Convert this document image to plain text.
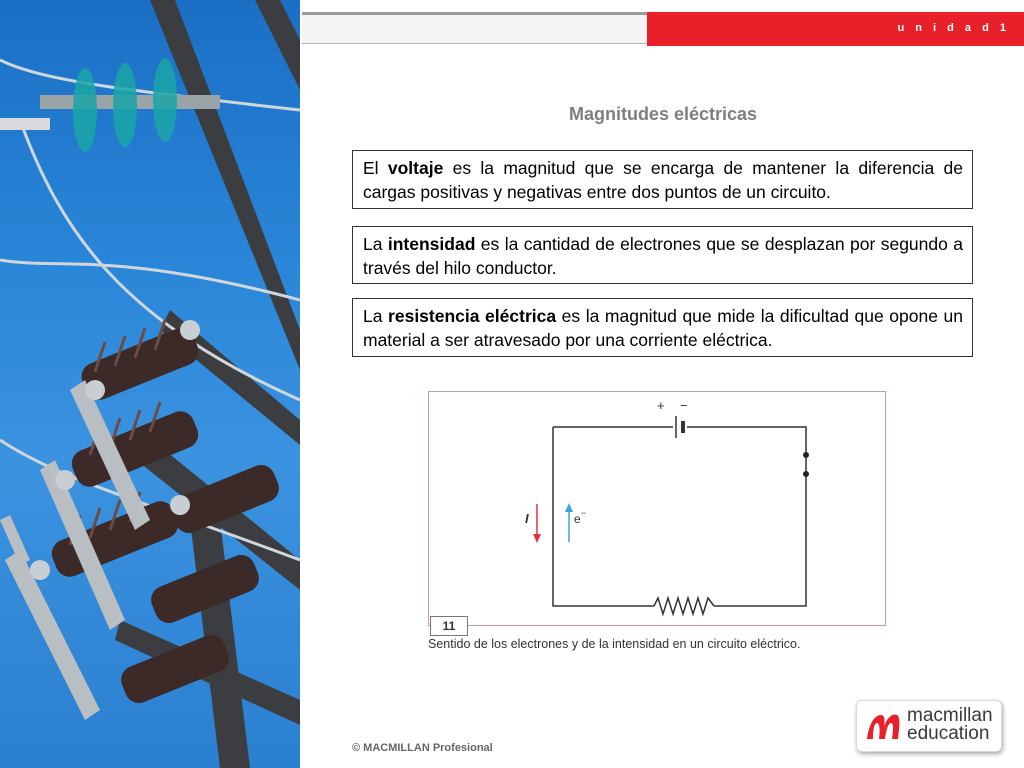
u n i d a d 1
Magnitudes eléctricas
El voltaje es la magnitud que se encarga de mantener la diferencia de cargas positivas y negativas entre dos puntos de un circuito.
La intensidad es la cantidad de electrones que se desplazan por segundo a través del hilo conductor.
La resistencia eléctrica es la magnitud que mide la dificultad que opone un material a ser atravesado por una corriente eléctrica.
+ −
I	e −
11
Sentido de los electrones y de la intensidad en un circuito eléctrico.
© MACMILLAN Profesional
macmillan
education
